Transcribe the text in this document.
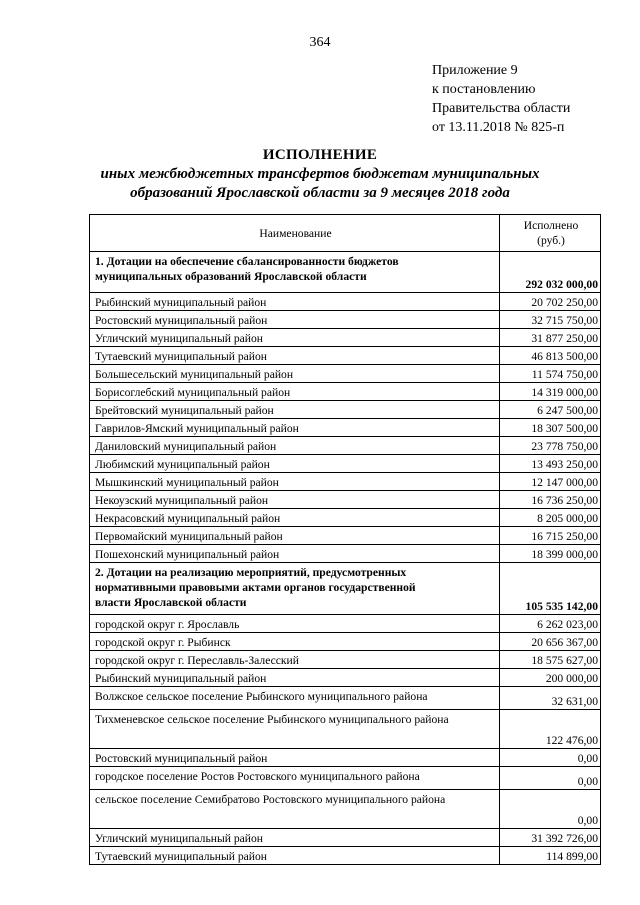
364
Приложение 9
к постановлению
Правительства области
от 13.11.2018 № 825-п
ИСПОЛНЕНИЕ
иных межбюджетных трансфертов бюджетам муниципальных
образований Ярославской области за 9 месяцев 2018 года
Наименование	Исполнено
(руб.)

1. Дотации на обеспечение сбалансированности бюджетов
муниципальных образований Ярославской области	292 032 000,00
Рыбинский муниципальный район	20 702 250,00
Ростовский муниципальный район	32 715 750,00
Угличский муниципальный район	31 877 250,00
Тутаевский муниципальный район	46 813 500,00
Большесельский муниципальный район	11 574 750,00
Борисоглебский муниципальный район	14 319 000,00
Брейтовский муниципальный район	6 247 500,00
Гаврилов-Ямский муниципальный район	18 307 500,00
Даниловский муниципальный район	23 778 750,00
Любимский муниципальный район	13 493 250,00
Мышкинский муниципальный район	12 147 000,00
Некоузский муниципальный район	16 736 250,00
Некрасовский муниципальный район	8 205 000,00
Первомайский муниципальный район	16 715 250,00
Пошехонский муниципальный район	18 399 000,00

2. Дотации на реализацию мероприятий, предусмотренных
нормативными правовыми актами органов государственной
власти Ярославской области	105 535 142,00
городской округ г. Ярославль	6 262 023,00
городской округ г. Рыбинск	20 656 367,00
городской округ г. Переславль-Залесский	18 575 627,00
Рыбинский муниципальный район	200 000,00
Волжское сельское поселение Рыбинского муниципального района	32 631,00
Тихменевское сельское поселение Рыбинского муниципального района	122 476,00
Ростовский муниципальный район	0,00
городское поселение Ростов Ростовского муниципального района	0,00
сельское поселение Семибратово Ростовского муниципального района	0,00
Угличский муниципальный район	31 392 726,00
Тутаевский муниципальный район	114 899,00
